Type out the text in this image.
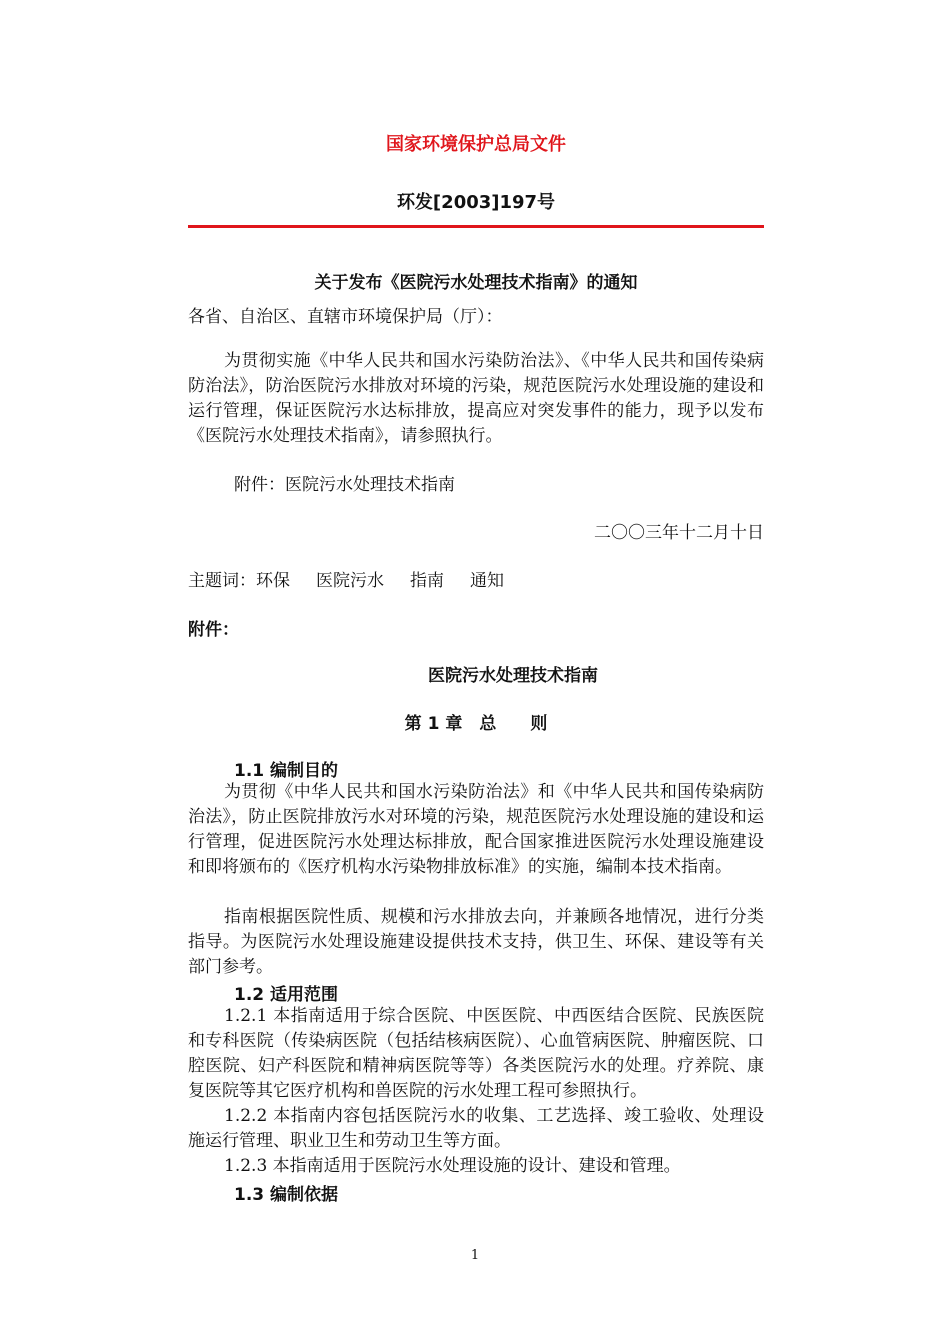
国家环境保护总局文件
环发[2003]197号
关于发布《医院污水处理技术指南》的通知
各省、自治区、直辖市环境保护局（厅）：
为贯彻实施《中华人民共和国水污染防治法》、《中华人民共和国传染病防治法》，防治医院污水排放对环境的污染，规范医院污水处理设施的建设和运行管理，保证医院污水达标排放，提高应对突发事件的能力，现予以发布《医院污水处理技术指南》，请参照执行。
附件：医院污水处理技术指南
二〇〇三年十二月十日
主题词：环保 医院污水 指南 通知
附件：
医院污水处理技术指南
第 1 章　总　　则
1.1 编制目的
为贯彻《中华人民共和国水污染防治法》和《中华人民共和国传染病防治法》，防止医院排放污水对环境的污染，规范医院污水处理设施的建设和运行管理，促进医院污水处理达标排放，配合国家推进医院污水处理设施建设和即将颁布的《医疗机构水污染物排放标准》的实施，编制本技术指南。
指南根据医院性质、规模和污水排放去向，并兼顾各地情况，进行分类指导。为医院污水处理设施建设提供技术支持，供卫生、环保、建设等有关部门参考。
1.2 适用范围
1.2.1 本指南适用于综合医院、中医医院、中西医结合医院、民族医院和专科医院（传染病医院（包括结核病医院）、心血管病医院、肿瘤医院、口腔医院、妇产科医院和精神病医院等等）各类医院污水的处理。疗养院、康复医院等其它医疗机构和兽医院的污水处理工程可参照执行。
1.2.2 本指南内容包括医院污水的收集、工艺选择、竣工验收、处理设施运行管理、职业卫生和劳动卫生等方面。
1.2.3 本指南适用于医院污水处理设施的设计、建设和管理。
1.3 编制依据
1
